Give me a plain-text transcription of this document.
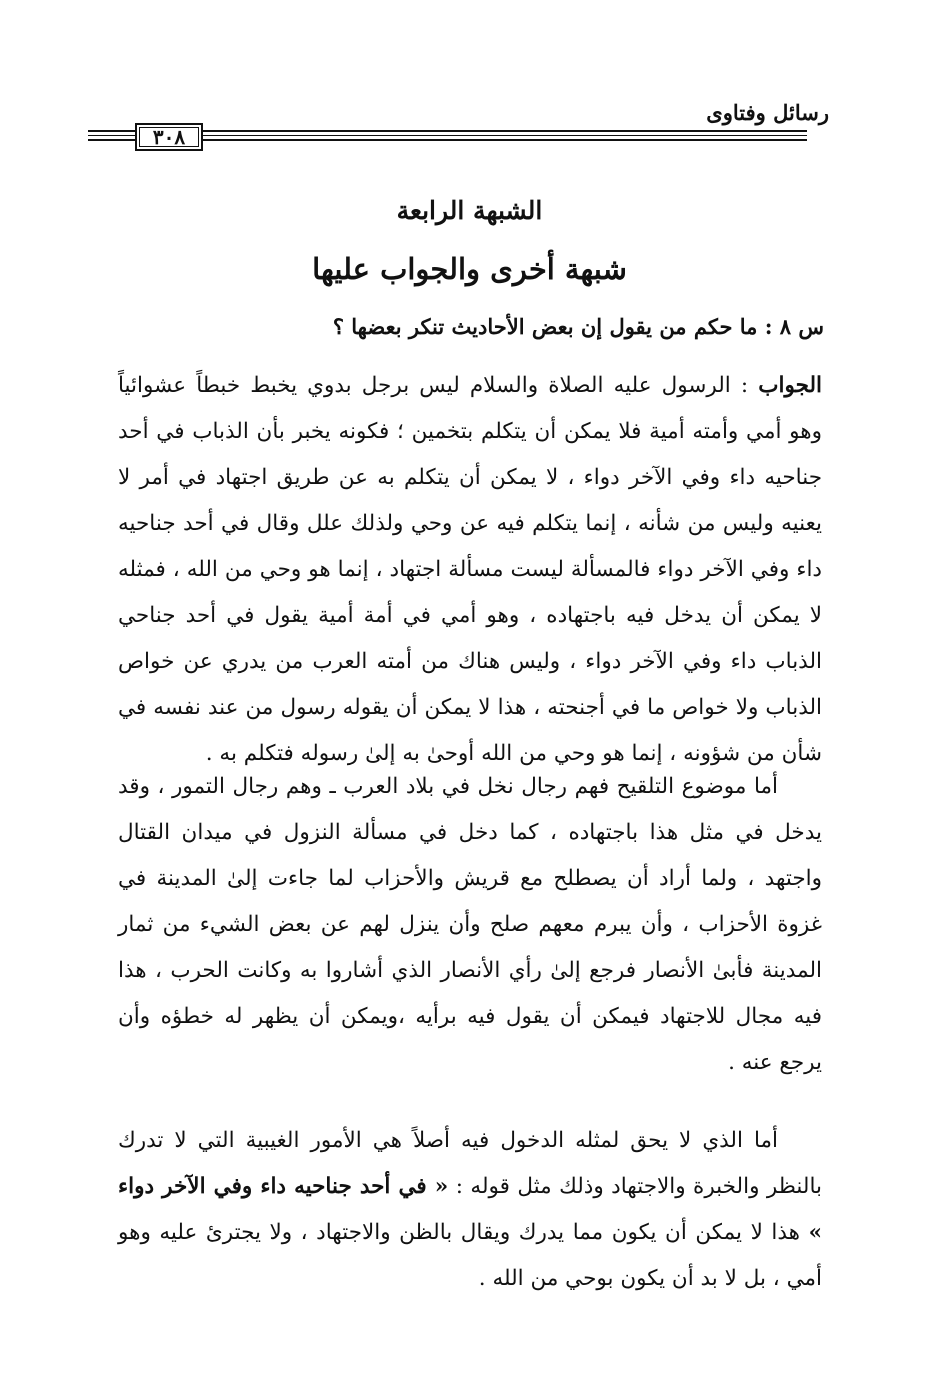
رسائل وفتاوى
٣٠٨
الشبهة الرابعة
شبهة أخرى والجواب عليها
س ٨ : ما حكم من يقول إن بعض الأحاديث تنكر بعضها ؟

الجواب : الرسول عليه الصلاة والسلام ليس برجل بدوي يخبط خبطاً عشوائياً وهو أمي وأمته أمية فلا يمكن أن يتكلم بتخمين ؛ فكونه يخبر بأن الذباب في أحد جناحيه داء وفي الآخر دواء ، لا يمكن أن يتكلم به عن طريق اجتهاد في أمر لا يعنيه وليس من شأنه ، إنما يتكلم فيه عن وحي ولذلك علل وقال في أحد جناحيه داء وفي الآخر دواء فالمسألة ليست مسألة اجتهاد ، إنما هو وحي من الله ، فمثله لا يمكن أن يدخل فيه باجتهاده ، وهو أمي في أمة أمية يقول في أحد جناحي الذباب داء وفي الآخر دواء ، وليس هناك من أمته العرب من يدري عن خواص الذباب ولا خواص ما في أجنحته ، هذا لا يمكن أن يقوله رسول من عند نفسه في شأن من شؤونه ، إنما هو وحي من الله أوحىٰ به إلىٰ رسوله فتكلم به .

أما موضوع التلقيح فهم رجال نخل في بلاد العرب ـ وهم رجال التمور ، وقد يدخل في مثل هذا باجتهاده ، كما دخل في مسألة النزول في ميدان القتال واجتهد ، ولما أراد أن يصطلح مع قريش والأحزاب لما جاءت إلىٰ المدينة في غزوة الأحزاب ، وأن يبرم معهم صلح وأن ينزل لهم عن بعض الشيء من ثمار المدينة فأبىٰ الأنصار فرجع إلىٰ رأي الأنصار الذي أشاروا به وكانت الحرب ، هذا فيه مجال للاجتهاد فيمكن أن يقول فيه برأيه ،ويمكن أن يظهر له خطؤه وأن يرجع عنه .

أما الذي لا يحق لمثله الدخول فيه أصلاً هي الأمور الغيبية التي لا تدرك بالنظر والخبرة والاجتهاد وذلك مثل قوله : « في أحد جناحيه داء وفي الآخر دواء » هذا لا يمكن أن يكون مما يدرك ويقال بالظن والاجتهاد ، ولا يجترئ عليه وهو أمي ، بل لا بد أن يكون بوحي من الله .
